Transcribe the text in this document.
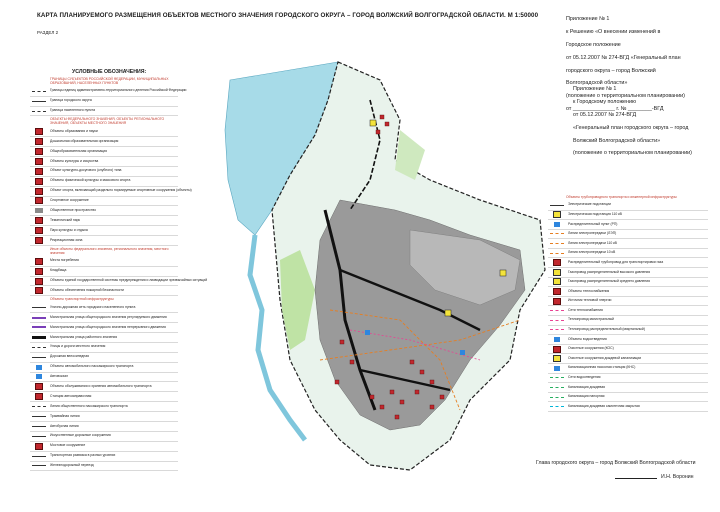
КАРТА ПЛАНИРУЕМОГО РАЗМЕЩЕНИЯ ОБЪЕКТОВ МЕСТНОГО ЗНАЧЕНИЯ ГОРОДСКОГО ОКРУГА – ГОРОД ВОЛЖСКИЙ ВОЛГОГРАДСКОЙ ОБЛАСТИ. М 1:50000
РАЗДЕЛ 2

Приложение № 1

к Решению «О внесении изменений в

Городское положение

от 05.12.2007 № 274-ВГД «Генеральный план

городского округа – город Волжский

Волгоградской области»

(положение о территориальном планировании)

от ______________ г. № ________-ВГД

Приложение № 1

к Городскому положению

от 05.12.2007 № 274-ВГД

«Генеральный план городского округа – город

Волжский Волгоградской области»

(положение о территориальном планировании)

УСЛОВНЫЕ ОБОЗНАЧЕНИЯ:
ГРАНИЦЫ СУБЪЕКТОВ РОССИЙСКОЙ ФЕДЕРАЦИИ, МУНИЦИПАЛЬНЫХ ОБРАЗОВАНИЙ, НАСЕЛЕННЫХ ПУНКТОВ
Границы единиц административно-территориального деления Российской Федерации
Граница городского округа
Граница населенного пункта
ОБЪЕКТЫ ФЕДЕРАЛЬНОГО ЗНАЧЕНИЯ, ОБЪЕКТЫ РЕГИОНАЛЬНОГО ЗНАЧЕНИЯ, ОБЪЕКТЫ МЕСТНОГО ЗНАЧЕНИЯ
Объекты образования и науки
Дошкольная образовательная организация
Общеобразовательная организация
Объекты культуры и искусства
Объект культурно-досугового (клубного) типа
Объекты физической культуры и массового спорта
Объект спорта, включающий раздельно нормируемые спортивные сооружения (объекты)
Спортивное сооружение
Общественное пространство
Тематический парк
Парк культуры и отдыха
Рекреационная зона
Иные объекты федерального значения, регионального значения, местного значения
Места погребения
Кладбища
Объекты единой государственной системы предупреждения и ликвидации чрезвычайных ситуаций
Объекты обеспечения пожарной безопасности
Объекты транспортной инфраструктуры
Улично-дорожная сеть городского населенного пункта
Магистральная улица общегородского значения регулируемого движения
Магистральная улица общегородского значения непрерывного движения
Магистральная улица районного значения
Улицы и дороги местного значения
Дорожная велосипедная
Объекты автомобильного пассажирского транспорта
Автовокзал
Объекты обслуживания и хранения автомобильного транспорта
Станция автозаправочная
Линия общественного пассажирского транспорта
Трамвайная линия
Автобусная линия
Искусственные дорожные сооружения
Мостовое сооружение
Транспортная развязка в разных уровнях
Железнодорожный переезд
Объекты трубопроводного транспорта и инженерной инфраструктуры
Электрические подстанции
Электрическая подстанция 110 кВ
Распределительный пункт (РП)
Линии электропередачи (ЛЭП)
Линия электропередачи 110 кВ
Линия электропередачи 10 кВ
Распределительный трубопровод для транспортировки газа
Газопровод распределительный высокого давления
Газопровод распределительный среднего давления
Объекты теплоснабжения
Источник тепловой энергии
Сети теплоснабжения
Теплопровод магистральный
Теплопровод распределительный (квартальный)
Объекты водоотведения
Очистные сооружения (КОС)
Очистные сооружения дождевой канализации
Канализационная насосная станция (КНС)
Сети водоотведения
Канализация дождевая
Канализация напорная
Канализация дождевая самотечная закрытая
Глава городского округа – город Волжский Волгоградской области
И.Н. Воронин
